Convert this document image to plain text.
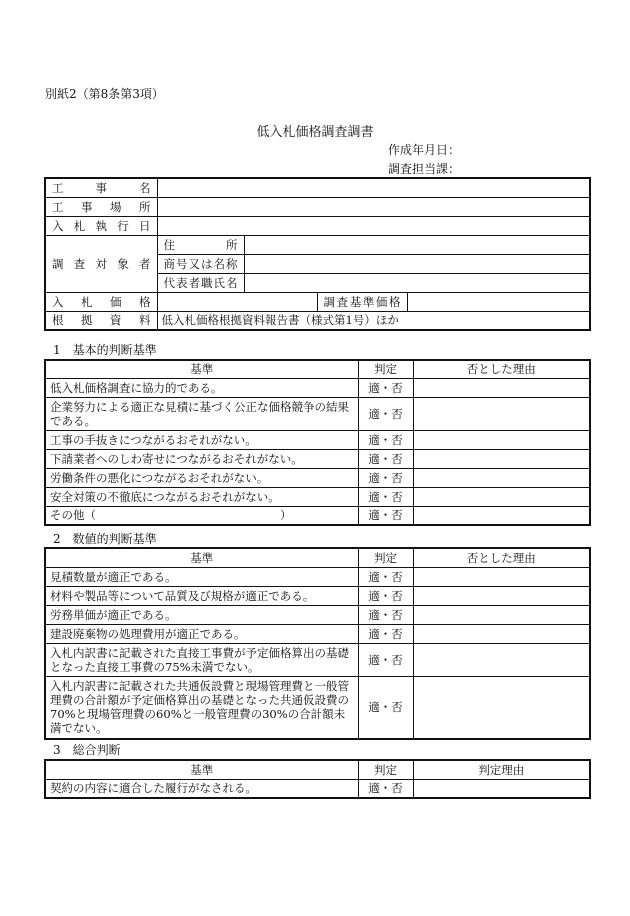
別紙2（第8条第3項）
低入札価格調査調書
作成年月日：
調査担当課：
工事名				
工事場所				
入札執行日				
調査対象者	住所			
	商号又は名称			
	代表者職氏名			
入札価格			調査基準価格	
根拠資料	低入札価格根拠資料報告書（様式第1号）ほか			
1　基本的判断基準
基準	判定	否とした理由
低入札価格調査に協力的である。	適・否	
企業努力による適正な見積に基づく公正な価格競争の結果である。	適・否	
工事の手抜きにつながるおそれがない。	適・否	
下請業者へのしわ寄せにつながるおそれがない。	適・否	
労働条件の悪化につながるおそれがない。	適・否	
安全対策の不徹底につながるおそれがない。	適・否	
その他（　　　　　　　　　　　　　　　　）	適・否	
2　数値的判断基準
基準	判定	否とした理由
見積数量が適正である。	適・否	
材料や製品等について品質及び規格が適正である。	適・否	
労務単価が適正である。	適・否	
建設廃棄物の処理費用が適正である。	適・否	
入札内訳書に記載された直接工事費が予定価格算出の基礎となった直接工事費の75%未満でない。	適・否	
入札内訳書に記載された共通仮設費と現場管理費と一般管理費の合計額が予定価格算出の基礎となった共通仮設費の70%と現場管理費の60%と一般管理費の30%の合計額未満でない。	適・否	
3　総合判断
基準	判定	判定理由
契約の内容に適合した履行がなされる。	適・否	
